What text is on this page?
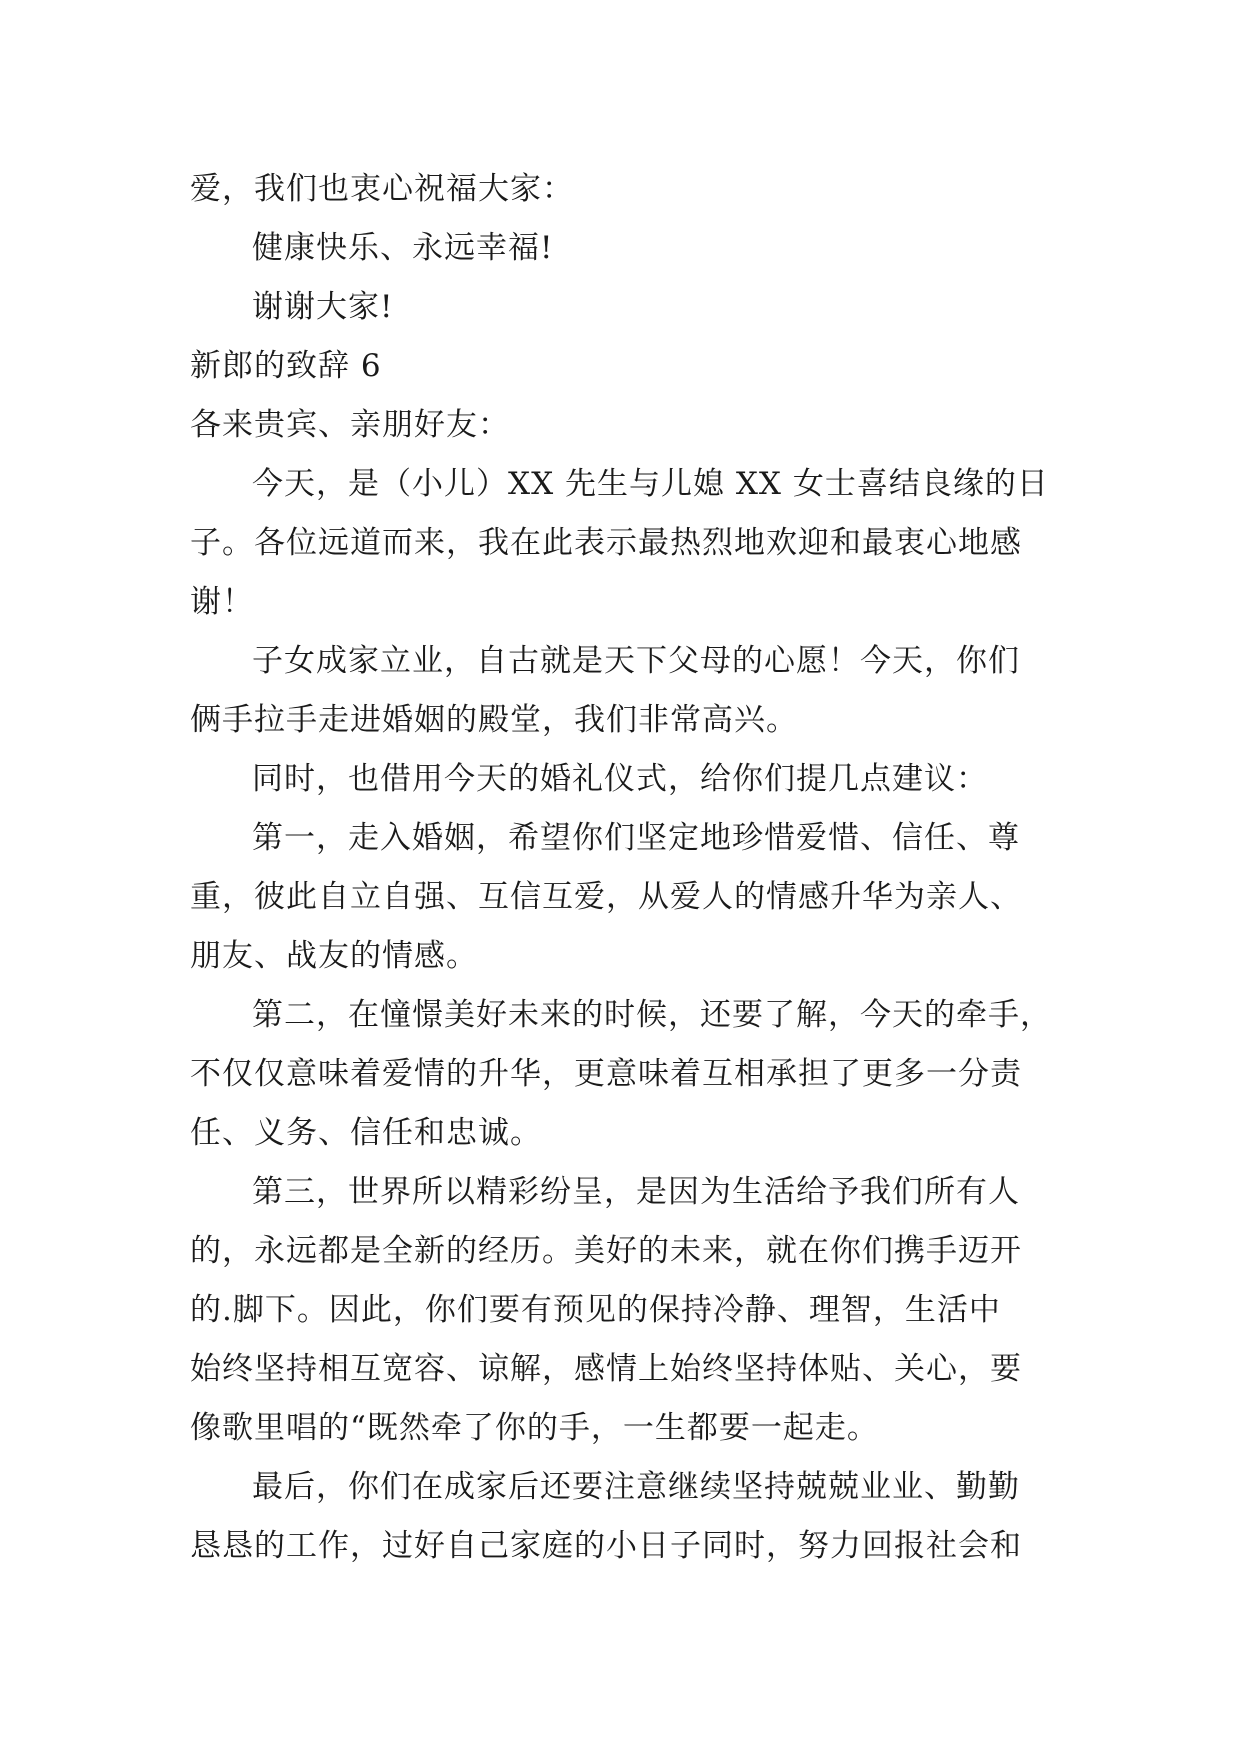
爱，我们也衷心祝福大家：
健康快乐、永远幸福!
谢谢大家!
新郎的致辞 6
各来贵宾、亲朋好友：
今天，是（小儿）XX 先生与儿媳 XX 女士喜结良缘的日
子。各位远道而来，我在此表示最热烈地欢迎和最衷心地感
谢！
子女成家立业，自古就是天下父母的心愿！今天，你们
俩手拉手走进婚姻的殿堂，我们非常高兴。
同时，也借用今天的婚礼仪式，给你们提几点建议：
第一，走入婚姻，希望你们坚定地珍惜爱惜、信任、尊
重，彼此自立自强、互信互爱，从爱人的情感升华为亲人、
朋友、战友的情感。
第二，在憧憬美好未来的时候，还要了解，今天的牵手，
不仅仅意味着爱情的升华，更意味着互相承担了更多一分责
任、义务、信任和忠诚。
第三，世界所以精彩纷呈，是因为生活给予我们所有人
的，永远都是全新的经历。美好的未来，就在你们携手迈开
的.脚下。因此，你们要有预见的保持冷静、理智，生活中
始终坚持相互宽容、谅解，感情上始终坚持体贴、关心，要
像歌里唱的“既然牵了你的手，一生都要一起走。
最后，你们在成家后还要注意继续坚持兢兢业业、勤勤
恳恳的工作，过好自己家庭的小日子同时，努力回报社会和
